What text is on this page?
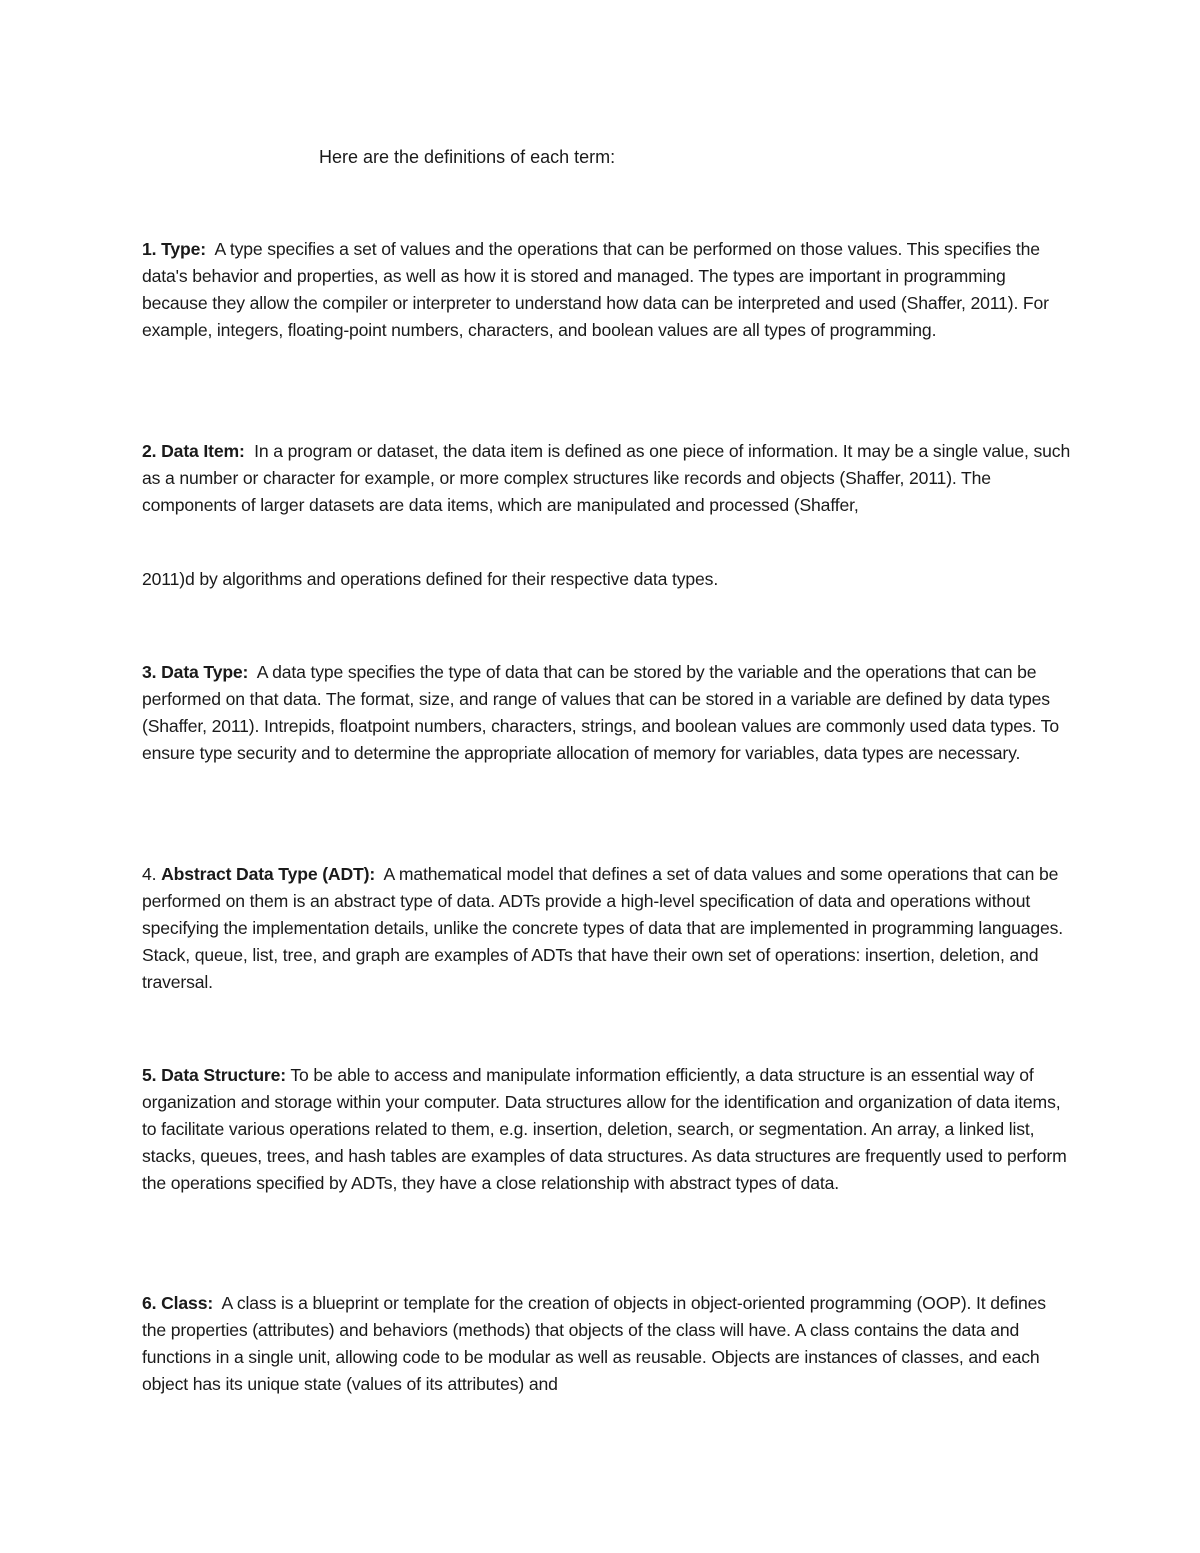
Here are the definitions of each term:

1. Type:  A type specifies a set of values and the operations that can be performed on those values. This specifies the data's behavior and properties, as well as how it is stored and managed. The types are important in programming because they allow the compiler or interpreter to understand how data can be interpreted and used (Shaffer, 2011). For example, integers, floating-point numbers, characters, and boolean values are all types of programming.

2. Data Item:  In a program or dataset, the data item is defined as one piece of information. It may be a single value, such as a number or character for example, or more complex structures like records and objects (Shaffer, 2011). The components of larger datasets are data items, which are manipulated and processed (Shaffer,

2011)d by algorithms and operations defined for their respective data types.

3. Data Type:  A data type specifies the type of data that can be stored by the variable and the operations that can be performed on that data. The format, size, and range of values that can be stored in a variable are defined by data types (Shaffer, 2011). Intrepids, floatpoint numbers, characters, strings, and boolean values are commonly used data types. To ensure type security and to determine the appropriate allocation of memory for variables, data types are necessary.

4. Abstract Data Type (ADT):  A mathematical model that defines a set of data values and some operations that can be performed on them is an abstract type of data. ADTs provide a high-level specification of data and operations without specifying the implementation details, unlike the concrete types of data that are implemented in programming languages. Stack, queue, list, tree, and graph are examples of ADTs that have their own set of operations: insertion, deletion, and traversal.

5. Data Structure: To be able to access and manipulate information efficiently, a data structure is an essential way of organization and storage within your computer. Data structures allow for the identification and organization of data items, to facilitate various operations related to them, e.g. insertion, deletion, search, or segmentation. An array, a linked list, stacks, queues, trees, and hash tables are examples of data structures. As data structures are frequently used to perform the operations specified by ADTs, they have a close relationship with abstract types of data.

6. Class:  A class is a blueprint or template for the creation of objects in object-oriented programming (OOP). It defines the properties (attributes) and behaviors (methods) that objects of the class will have. A class contains the data and functions in a single unit, allowing code to be modular as well as reusable. Objects are instances of classes, and each object has its unique state (values of its attributes) and
